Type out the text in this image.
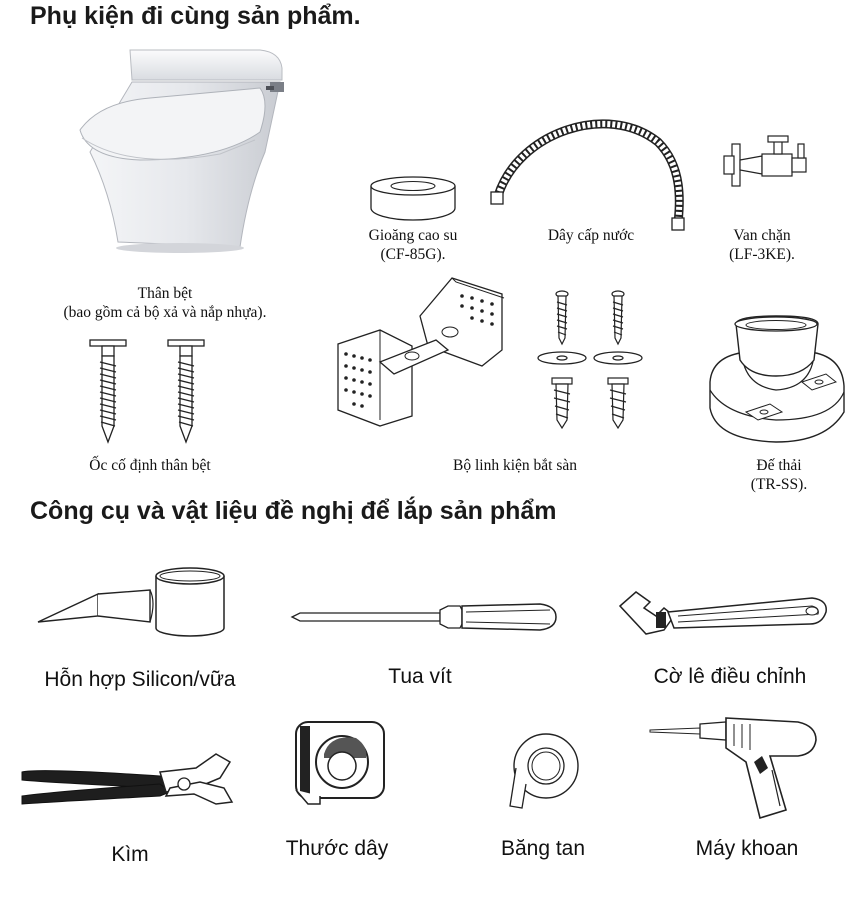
Phụ kiện đi cùng sản phẩm.
Công cụ và vật liệu đề nghị để lắp sản phẩm
Thân bệt
(bao gồm cả bộ xả và nắp nhựa).
Gioăng cao su
(CF-85G).
Dây cấp nước	Van chặn
(LF-3KE).
Ốc cố định thân bệt	Bộ linh kiện bắt sàn	Đế thải
(TR-SS).
Hỗn hợp Silicon/vữa	Tua vít	Cờ lê điều chỉnh
Kìm	Thước dây	Băng tan	Máy khoan
